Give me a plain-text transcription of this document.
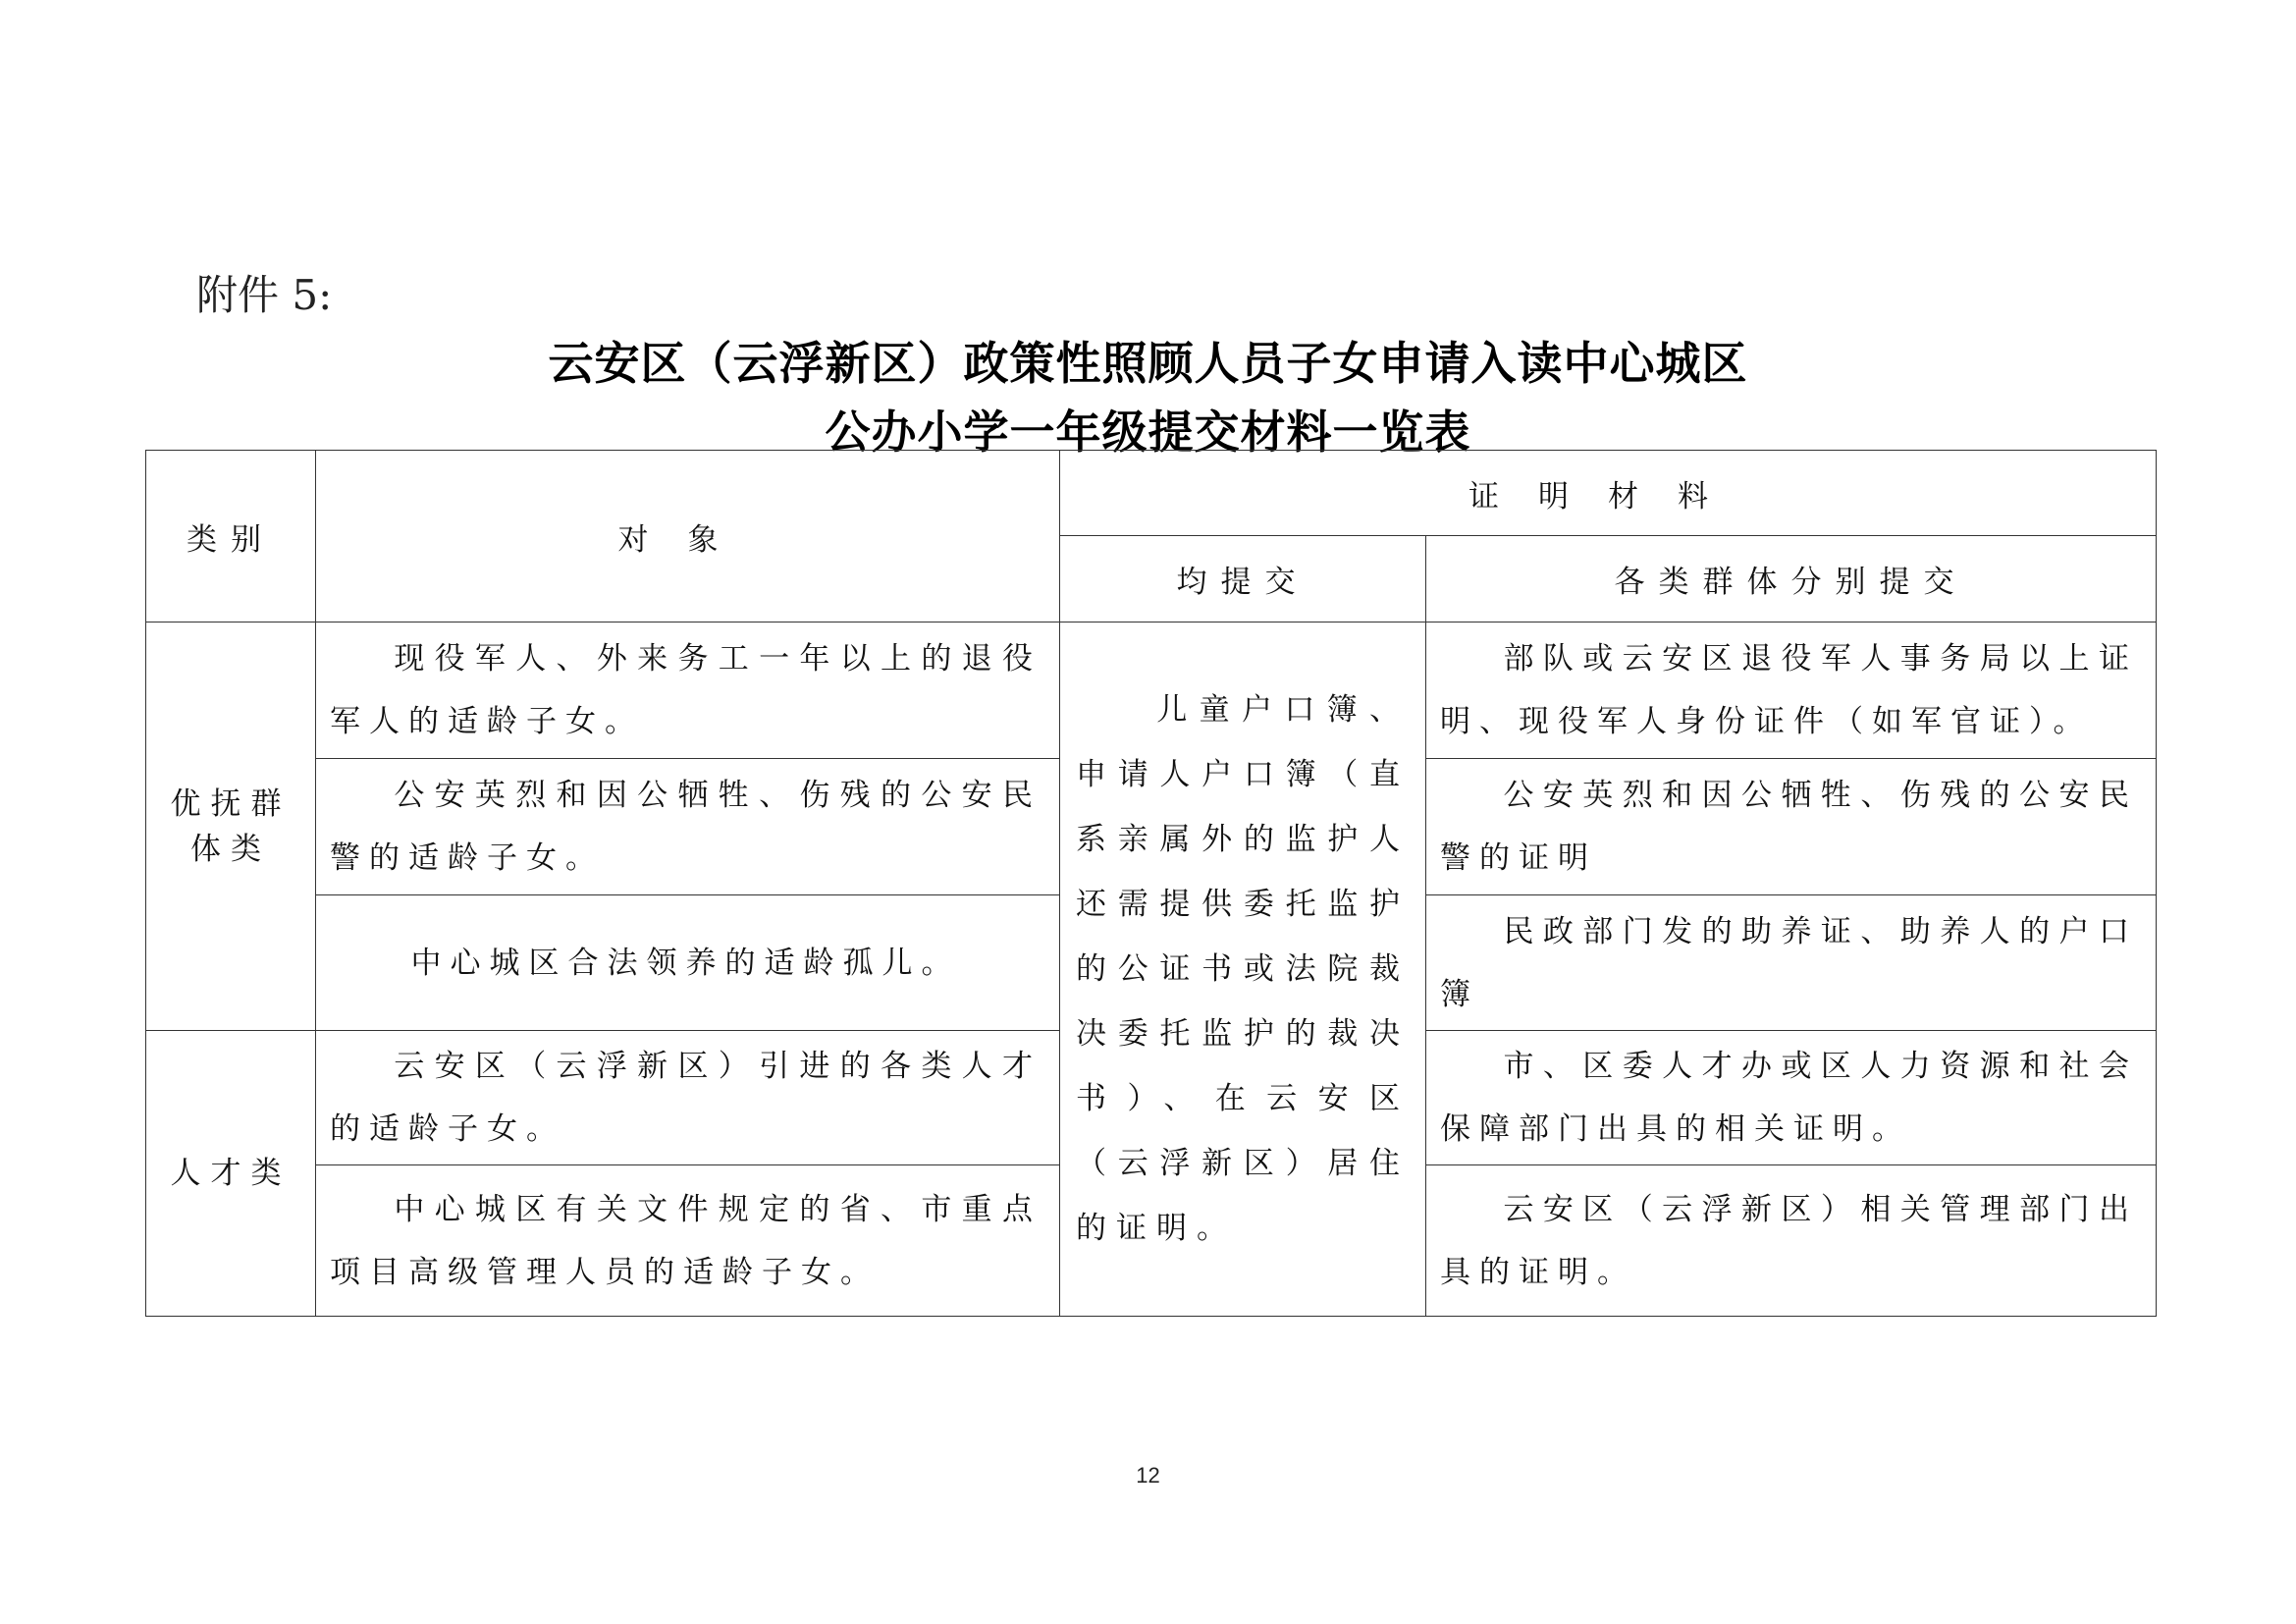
附件 5:
云安区（云浮新区）政策性照顾人员子女申请入读中心城区
公办小学一年级提交材料一览表
类别	对象	证明材料	
		均提交	各类群体分别提交
优抚群体类	现役军人、外来务工一年以上的退役军人的适龄子女。	儿童户口簿、申请人户口簿（直系亲属外的监护人还需提供委托监护的公证书或法院裁决委托监护的裁决书）、在云安区（云浮新区）居住的证明。	部队或云安区退役军人事务局以上证明、现役军人身份证件（如军官证）。
	公安英烈和因公牺牲、伤残的公安民警的适龄子女。		公安英烈和因公牺牲、伤残的公安民警的证明
	中心城区合法领养的适龄孤儿。		民政部门发的助养证、助养人的户口簿
人才类	云安区（云浮新区）引进的各类人才的适龄子女。		市、区委人才办或区人力资源和社会保障部门出具的相关证明。
	中心城区有关文件规定的省、市重点项目高级管理人员的适龄子女。		云安区（云浮新区）相关管理部门出具的证明。
12
